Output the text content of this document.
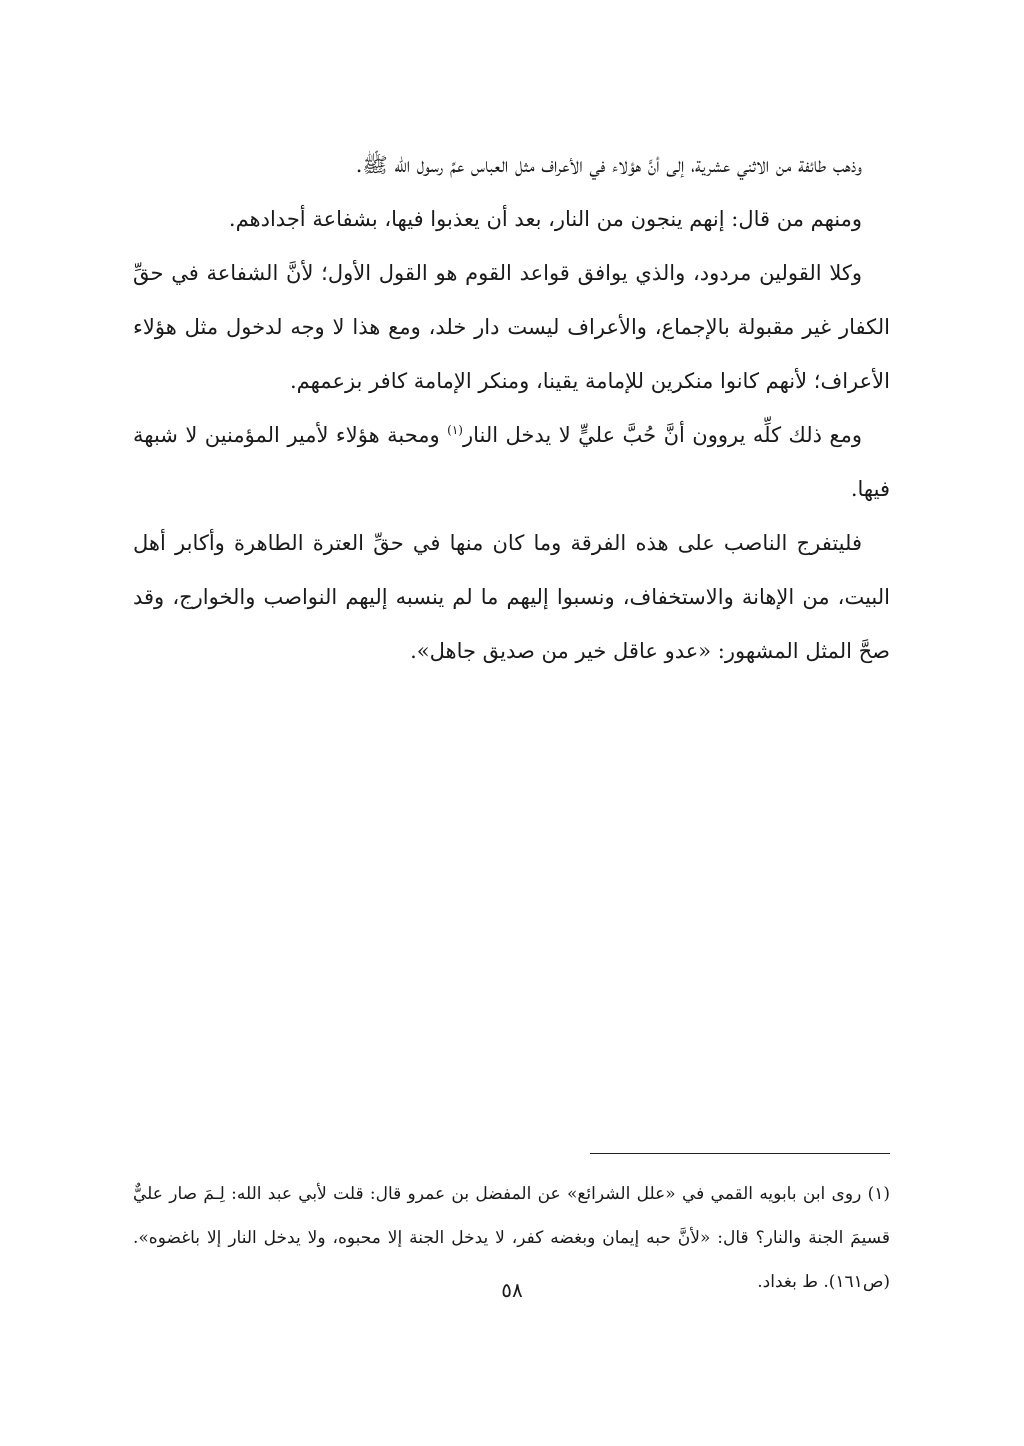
وذهب طائفة من الاثني عشرية، إلى أنَّ هؤلاء في الأعراف مثل العباس عمِّ رسول الله ﷺ.

ومنهم من قال: إنهم ينجون من النار، بعد أن يعذبوا فيها، بشفاعة أجدادهم.

وكلا القولين مردود، والذي يوافق قواعد القوم هو القول الأول؛ لأنَّ الشفاعة في حقِّ الكفار غير مقبولة بالإجماع، والأعراف ليست دار خلد، ومع هذا لا وجه لدخول مثل هؤلاء الأعراف؛ لأنهم كانوا منكرين للإمامة يقينا، ومنكر الإمامة كافر بزعمهم.

ومع ذلك كلِّه يروون أنَّ حُبَّ عليٍّ لا يدخل النار$^{(١)}$ ومحبة هؤلاء لأمير المؤمنين لا شبهة فيها.

فليتفرج الناصب على هذه الفرقة وما كان منها في حقِّ العترة الطاهرة وأكابر أهل البيت، من الإهانة والاستخفاف، ونسبوا إليهم ما لم ينسبه إليهم النواصب والخوارج، وقد صحَّ المثل المشهور: «عدو عاقل خير من صديق جاهل».

(١) روى ابن بابويه القمي في «علل الشرائع» عن المفضل بن عمرو قال: قلت لأبي عبد الله: لِـمَ صار عليٌّ قسيمَ الجنة والنار؟ قال: «لأنَّ حبه إيمان وبغضه كفر، لا يدخل الجنة إلا محبوه، ولا يدخل النار إلا باغضوه». (ص١٦١). ط بغداد.

٥٨
